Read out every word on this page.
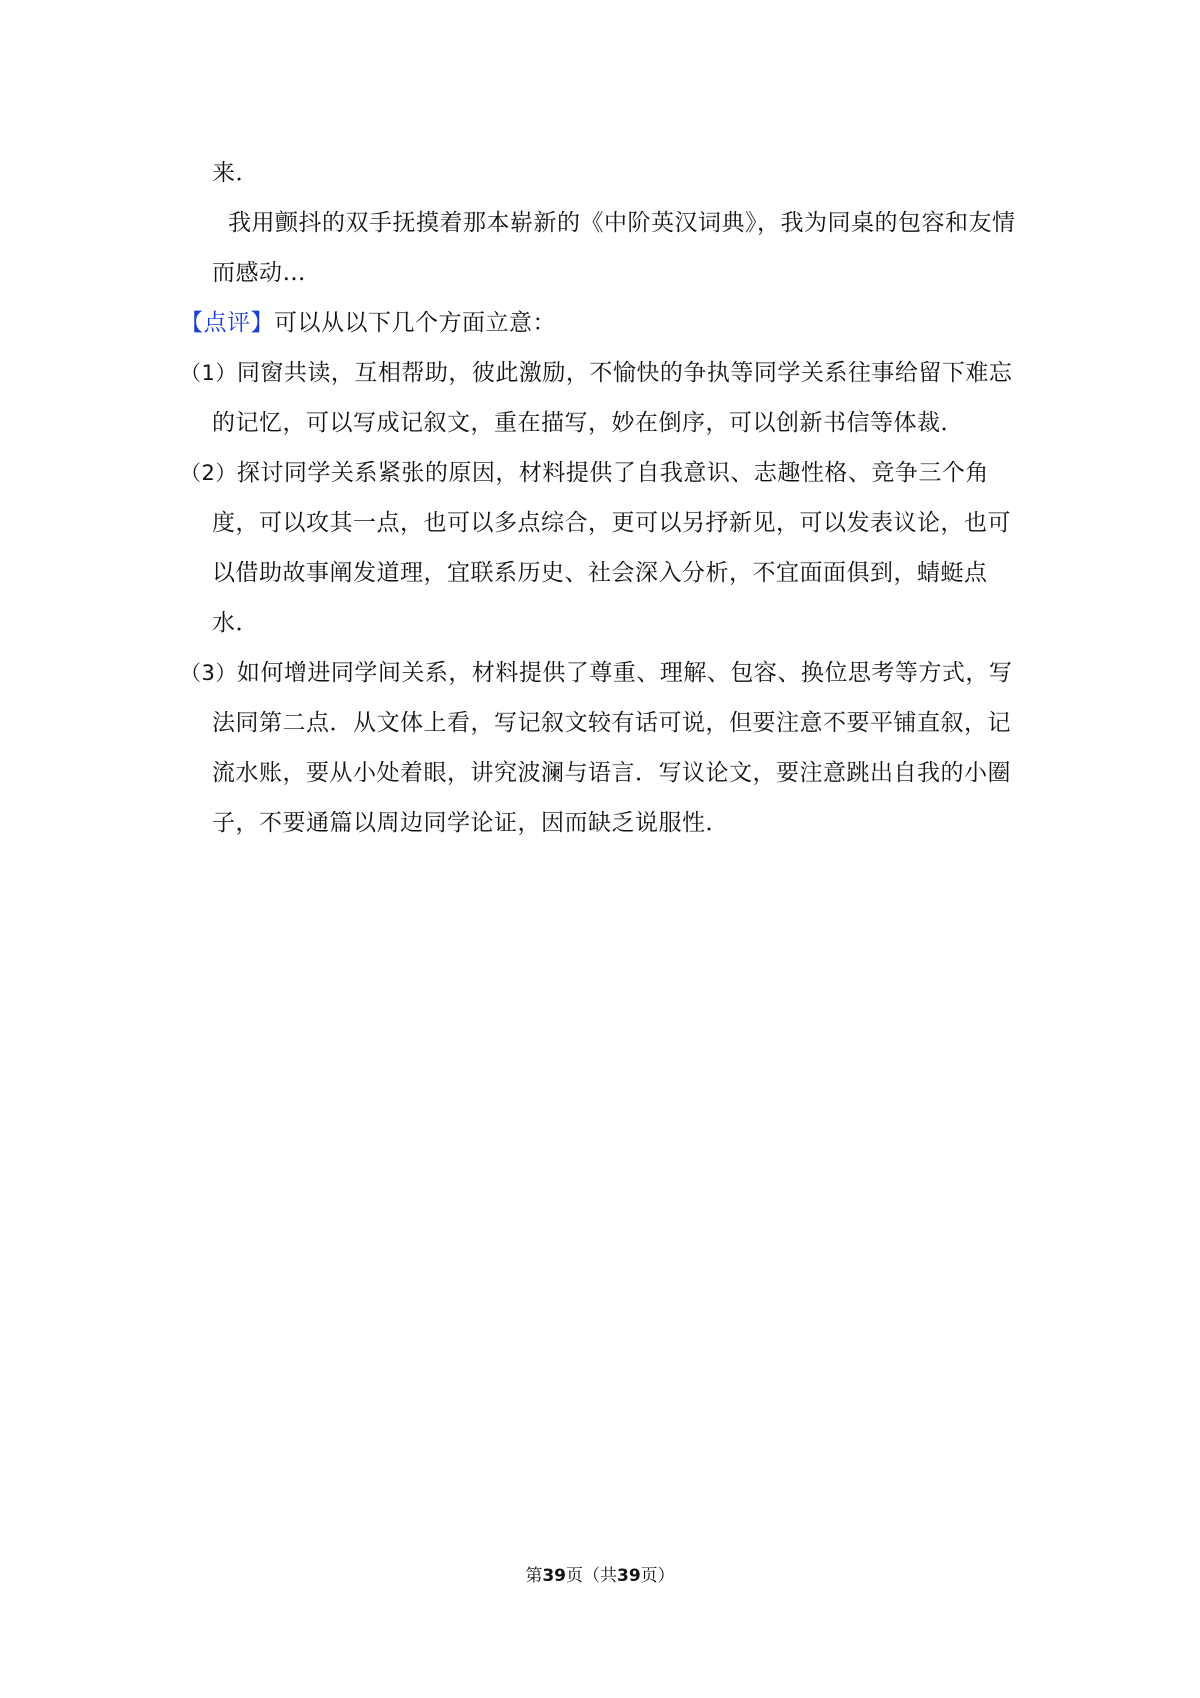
来．

我用颤抖的双手抚摸着那本崭新的《中阶英汉词典》，我为同桌的包容和友情而感动…

【点评】可以从以下几个方面立意：

（1）同窗共读，互相帮助，彼此激励，不愉快的争执等同学关系往事给留下难忘的记忆，可以写成记叙文，重在描写，妙在倒序，可以创新书信等体裁．

（2）探讨同学关系紧张的原因，材料提供了自我意识、志趣性格、竞争三个角度，可以攻其一点，也可以多点综合，更可以另抒新见，可以发表议论，也可以借助故事阐发道理，宜联系历史、社会深入分析，不宜面面俱到，蜻蜓点水．

（3）如何增进同学间关系，材料提供了尊重、理解、包容、换位思考等方式，写法同第二点．从文体上看，写记叙文较有话可说，但要注意不要平铺直叙，记流水账，要从小处着眼，讲究波澜与语言．写议论文，要注意跳出自我的小圈子，不要通篇以周边同学论证，因而缺乏说服性．

第39页（共39页）
